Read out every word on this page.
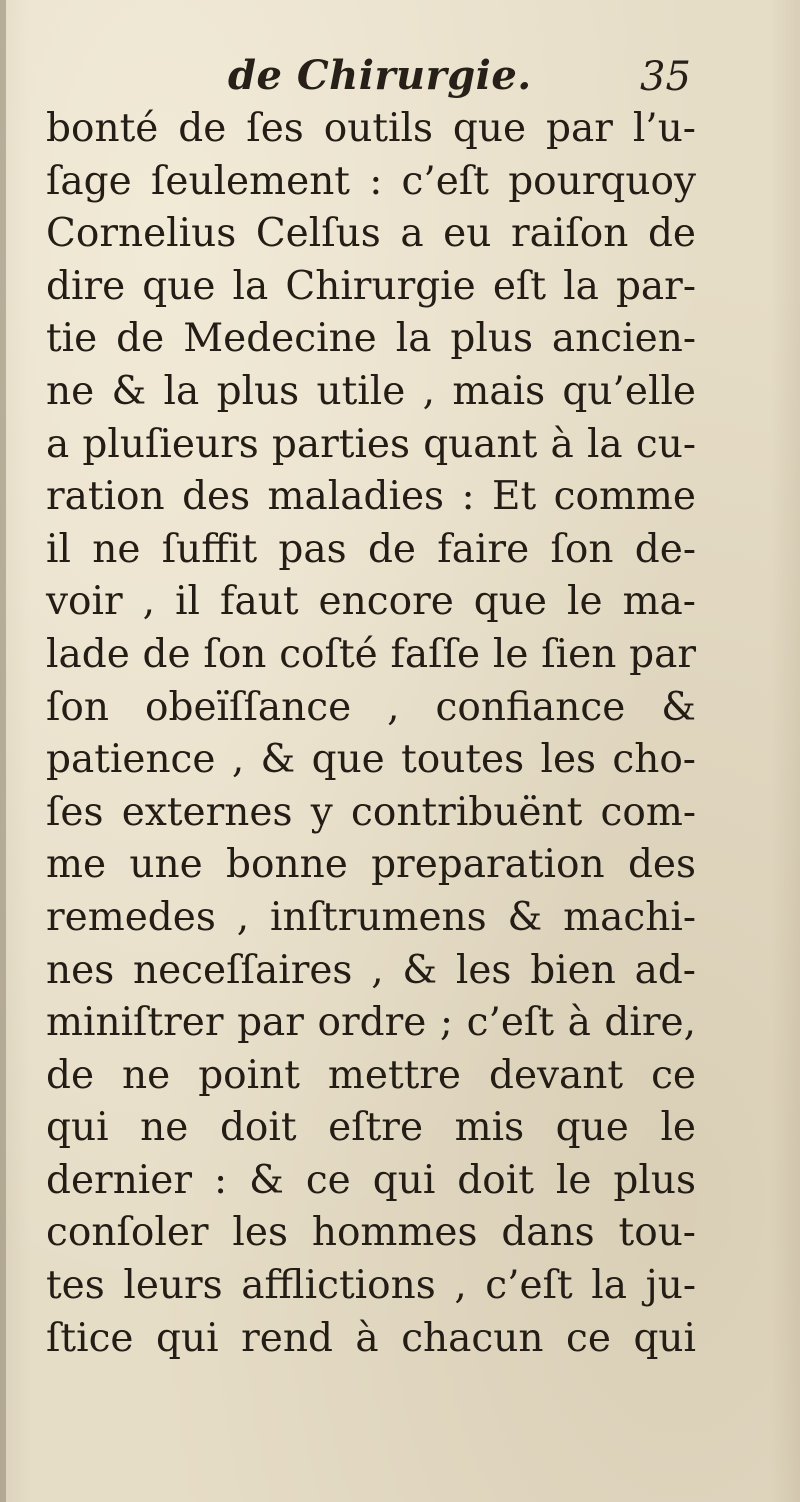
de Chirurgie.	35
bonté de ſes outils que par l’u-
ſage ſeulement : c’eſt pourquoy
Cornelius Celſus a eu raiſon de
dire que la Chirurgie eſt la par-
tie de Medecine la plus ancien-
ne & la plus utile , mais qu’elle
a pluſieurs parties quant à la cu-
ration des maladies : Et comme
il ne ſuffit pas de faire ſon de-
voir , il faut encore que le ma-
lade de ſon coſté faſſe le ſien par
ſon obeïſſance , confiance &
patience , & que toutes les cho-
ſes externes y contribuënt com-
me une bonne preparation des
remedes , inſtrumens & machi-
nes neceſſaires , & les bien ad-
miniſtrer par ordre ; c’eſt à dire,
de ne point mettre devant ce
qui ne doit eſtre mis que le
dernier : & ce qui doit le plus
conſoler les hommes dans tou-
tes leurs afflictions , c’eſt la ju-
ſtice qui rend à chacun ce qui
